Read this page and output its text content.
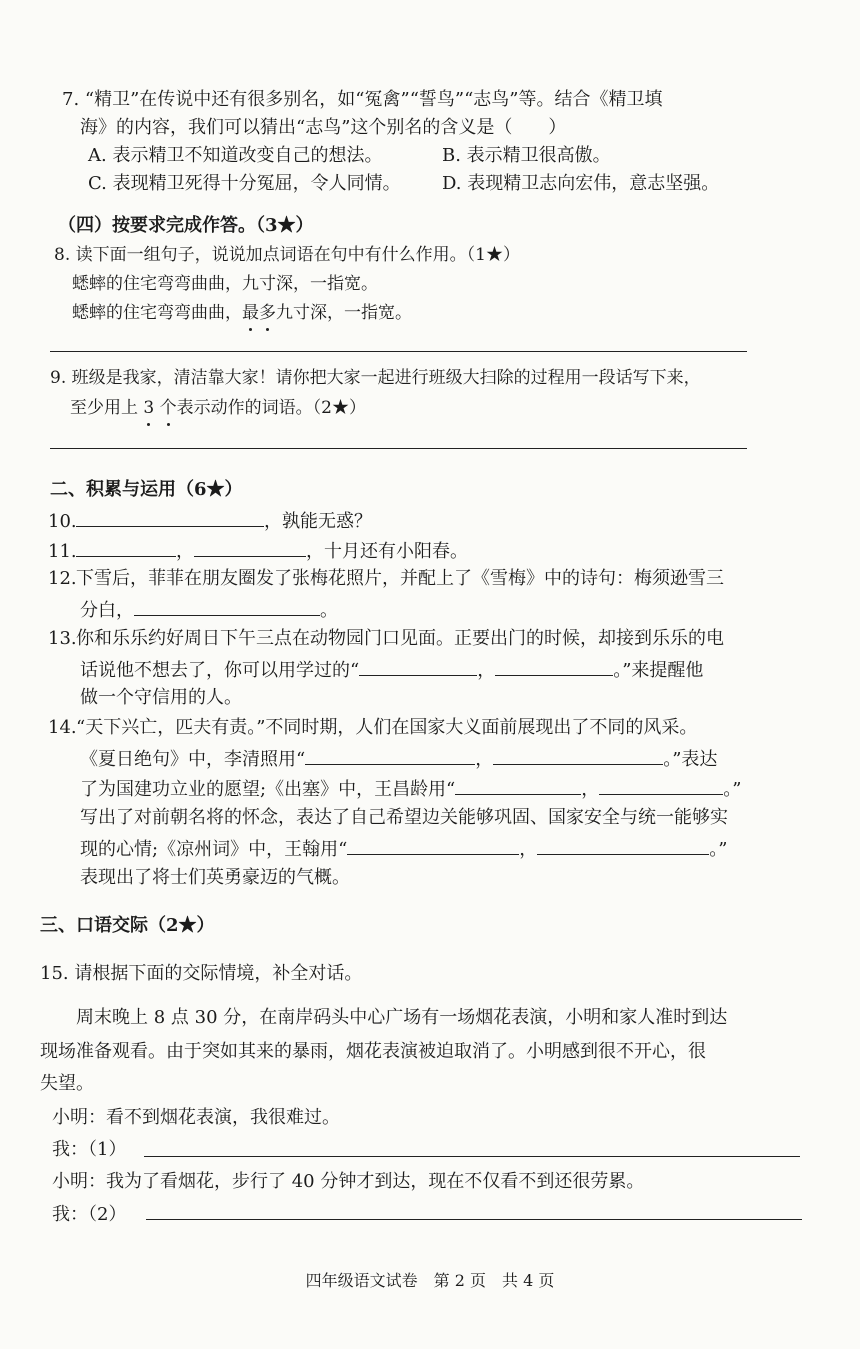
7. “精卫”在传说中还有很多别名，如“冤禽”“誓鸟”“志鸟”等。结合《精卫填
海》的内容，我们可以猜出“志鸟”这个别名的含义是（　　）
A. 表示精卫不知道改变自己的想法。	B. 表示精卫很高傲。
C. 表现精卫死得十分冤屈，令人同情。 D. 表现精卫志向宏伟，意志坚强。
（四）按要求完成作答。（3★）
8. 读下面一组句子，说说加点词语在句中有什么作用。（1★）
蟋蟀的住宅弯弯曲曲，九寸深，一指宽。
蟋蟀的住宅弯弯曲曲，最多九寸深，一指宽。
9. 班级是我家，清洁靠大家！请你把大家一起进行班级大扫除的过程用一段话写下来，
至少用上 3 个表示动作的词语。（2★）
二、积累与运用（6★）
10.	，孰能无惑？
11.	，	，十月还有小阳春。
12.下雪后，菲菲在朋友圈发了张梅花照片，并配上了《雪梅》中的诗句：梅须逊雪三
分白，	。
13.你和乐乐约好周日下午三点在动物园门口见面。正要出门的时候，却接到乐乐的电
话说他不想去了，你可以用学过的“	，	。”来提醒他
做一个守信用的人。
14.“天下兴亡，匹夫有责。”不同时期，人们在国家大义面前展现出了不同的风采。
《夏日绝句》中，李清照用“	，	。”表达
了为国建功立业的愿望;《出塞》中，王昌龄用“	，	。”
写出了对前朝名将的怀念，表达了自己希望边关能够巩固、国家安全与统一能够实
现的心情;《凉州词》中，王翰用“	，	。”
表现出了将士们英勇豪迈的气概。
三、口语交际（2★）
15. 请根据下面的交际情境，补全对话。
周末晚上 8 点 30 分，在南岸码头中心广场有一场烟花表演，小明和家人准时到达
现场准备观看。由于突如其来的暴雨，烟花表演被迫取消了。小明感到很不开心，很
失望。
小明：看不到烟花表演，我很难过。
我：（1）
小明：我为了看烟花，步行了 40 分钟才到达，现在不仅看不到还很劳累。
我：（2）
四年级语文试卷　第 2 页　共 4 页
